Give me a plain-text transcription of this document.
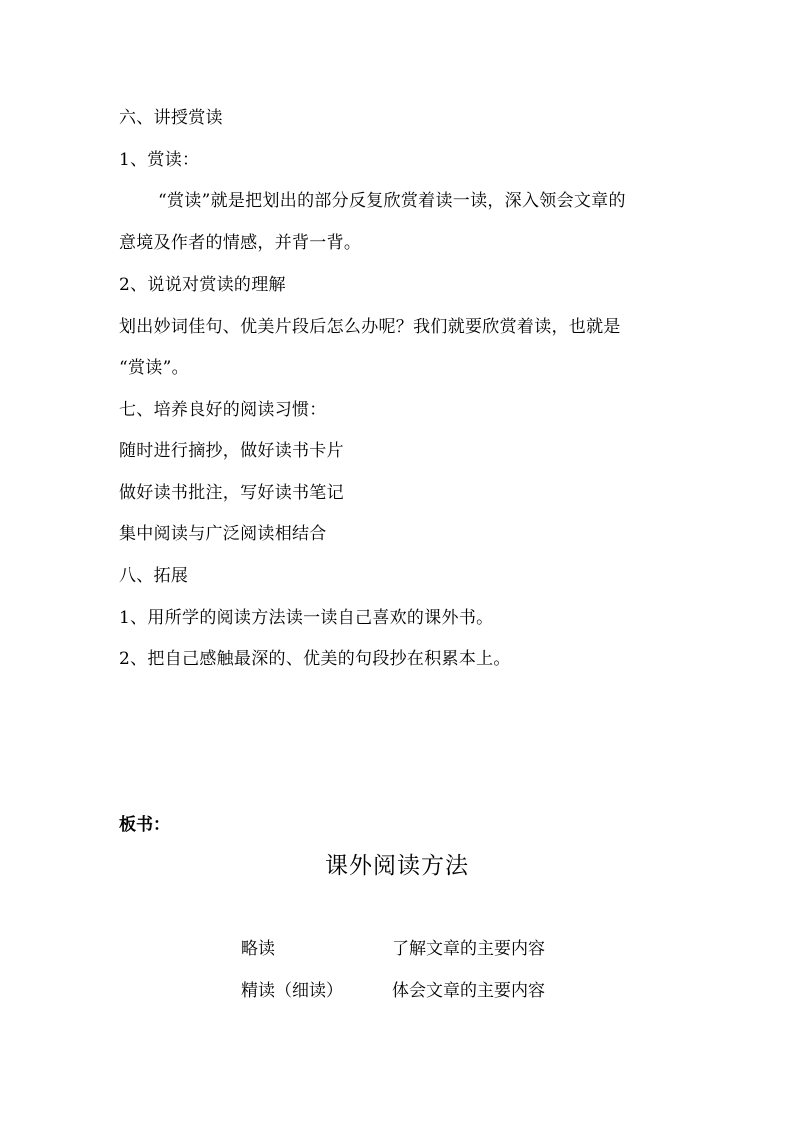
六、讲授赏读
1、赏读：
“赏读”就是把划出的部分反复欣赏着读一读，深入领会文章的
意境及作者的情感，并背一背。
2、说说对赏读的理解
划出妙词佳句、优美片段后怎么办呢？我们就要欣赏着读，也就是
“赏读”。
七、培养良好的阅读习惯：
随时进行摘抄，做好读书卡片
做好读书批注，写好读书笔记
集中阅读与广泛阅读相结合
八、拓展
1、用所学的阅读方法读一读自己喜欢的课外书。
2、把自己感触最深的、优美的句段抄在积累本上。
板书：
课外阅读方法
略读	了解文章的主要内容
精读（细读）	体会文章的主要内容
